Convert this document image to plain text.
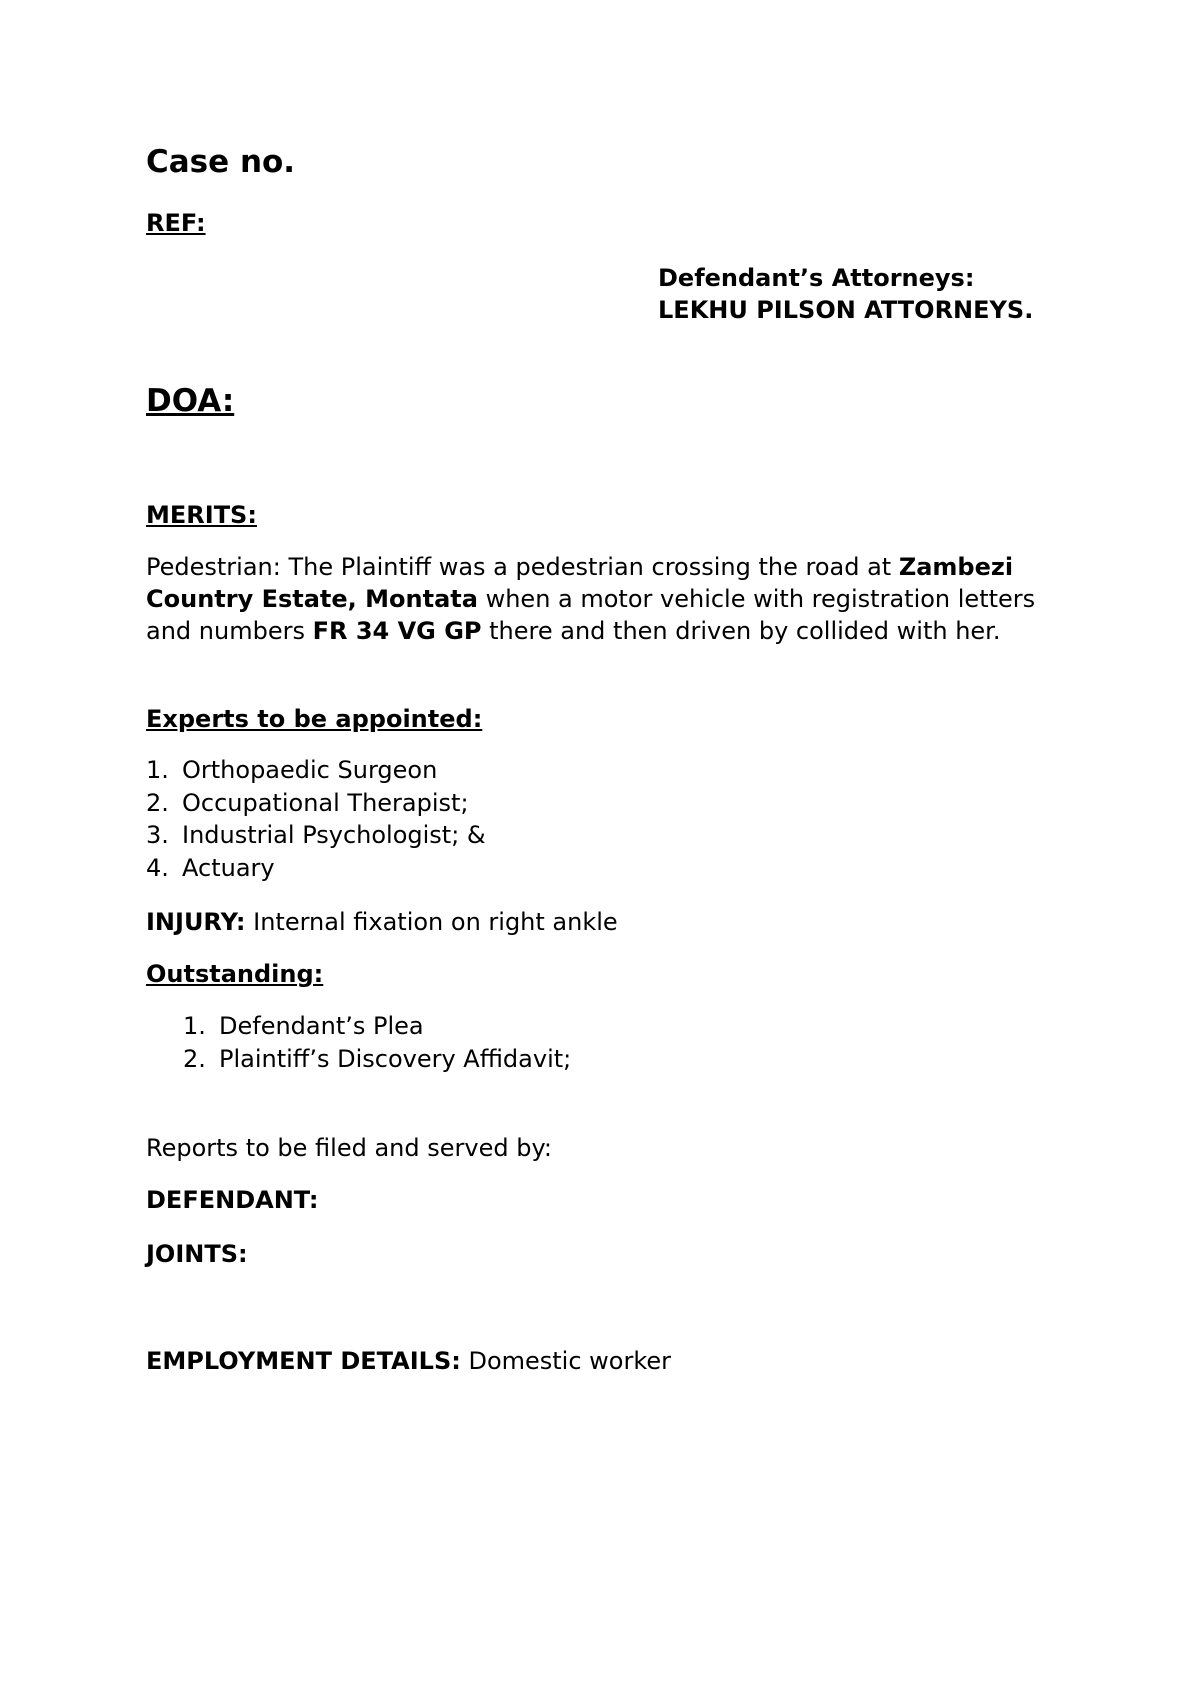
Case no.
REF:
Defendant’s Attorneys:
LEKHU PILSON ATTORNEYS.
DOA:
MERITS:
Pedestrian: The Plaintiff was a pedestrian crossing the road at Zambezi Country Estate, Montata when a motor vehicle with registration letters and numbers FR 34 VG GP there and then driven by collided with her.
Experts to be appointed:
1. Orthopaedic Surgeon
2. Occupational Therapist;
3. Industrial Psychologist; &
4. Actuary
INJURY: Internal fixation on right ankle
Outstanding:
1. Defendant’s Plea
2. Plaintiff’s Discovery Affidavit;
Reports to be filed and served by:
DEFENDANT:
JOINTS:
EMPLOYMENT DETAILS: Domestic worker
